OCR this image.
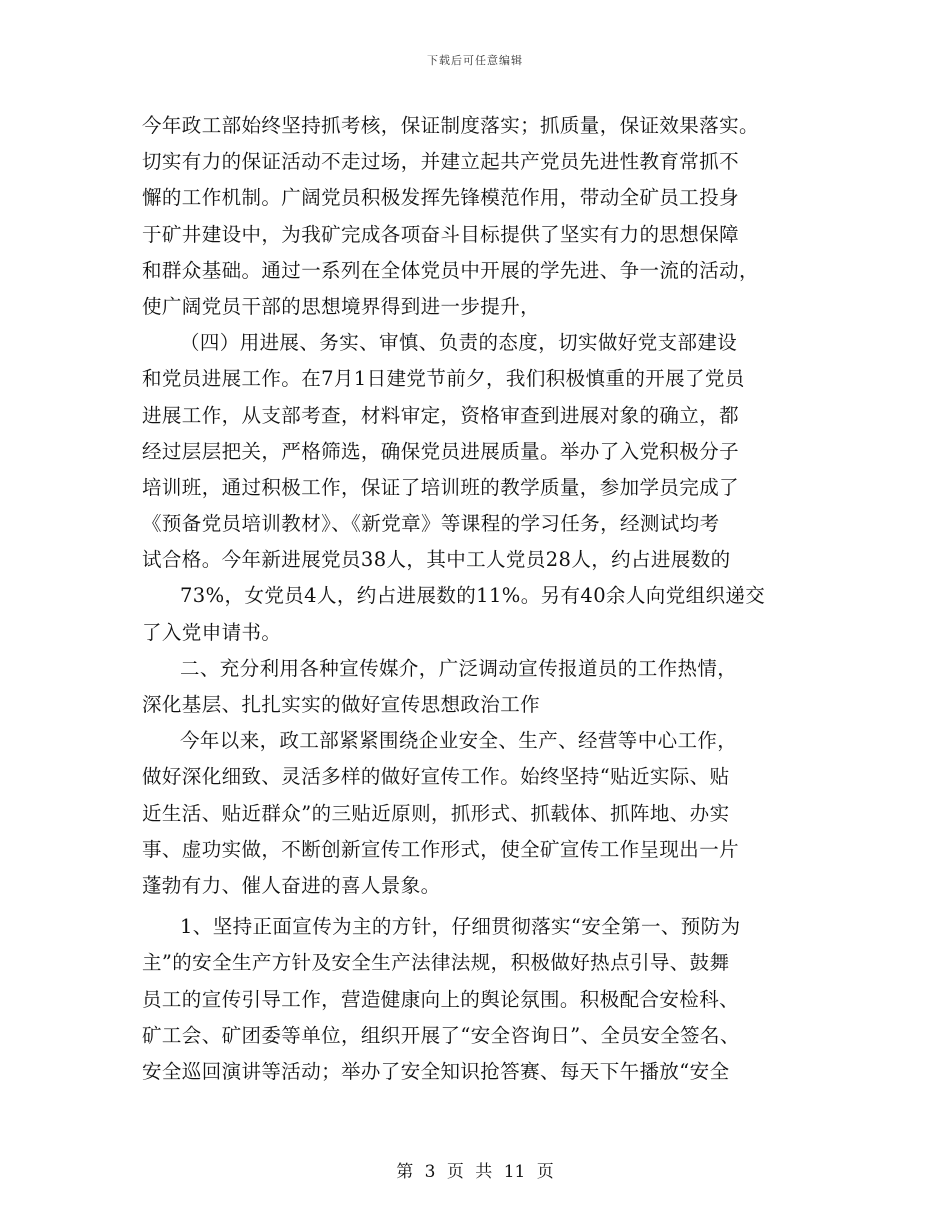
下载后可任意编辑
今年政工部始终坚持抓考核，保证制度落实；抓质量，保证效果落实。
切实有力的保证活动不走过场，并建立起共产党员先进性教育常抓不
懈的工作机制。广阔党员积极发挥先锋模范作用，带动全矿员工投身
于矿井建设中，为我矿完成各项奋斗目标提供了坚实有力的思想保障
和群众基础。通过一系列在全体党员中开展的学先进、争一流的活动，
使广阔党员干部的思想境界得到进一步提升，
（四）用进展、务实、审慎、负责的态度，切实做好党支部建设
和党员进展工作。在7月1日建党节前夕，我们积极慎重的开展了党员
进展工作，从支部考查，材料审定，资格审查到进展对象的确立，都
经过层层把关，严格筛选，确保党员进展质量。举办了入党积极分子
培训班，通过积极工作，保证了培训班的教学质量，参加学员完成了
《预备党员培训教材》、《新党章》等课程的学习任务，经测试均考
试合格。今年新进展党员38人，其中工人党员28人，约占进展数的
73%，女党员4人，约占进展数的11%。另有40余人向党组织递交
了入党申请书。
二、充分利用各种宣传媒介，广泛调动宣传报道员的工作热情，
深化基层、扎扎实实的做好宣传思想政治工作
今年以来，政工部紧紧围绕企业安全、生产、经营等中心工作，
做好深化细致、灵活多样的做好宣传工作。始终坚持“贴近实际、贴
近生活、贴近群众”的三贴近原则，抓形式、抓载体、抓阵地、办实
事、虚功实做，不断创新宣传工作形式，使全矿宣传工作呈现出一片
蓬勃有力、催人奋进的喜人景象。
1、坚持正面宣传为主的方针，仔细贯彻落实“安全第一、预防为
主”的安全生产方针及安全生产法律法规，积极做好热点引导、鼓舞
员工的宣传引导工作，营造健康向上的舆论氛围。积极配合安检科、
矿工会、矿团委等单位，组织开展了“安全咨询日”、全员安全签名、
安全巡回演讲等活动；举办了安全知识抢答赛、每天下午播放“安全
第 3 页 共 11 页
